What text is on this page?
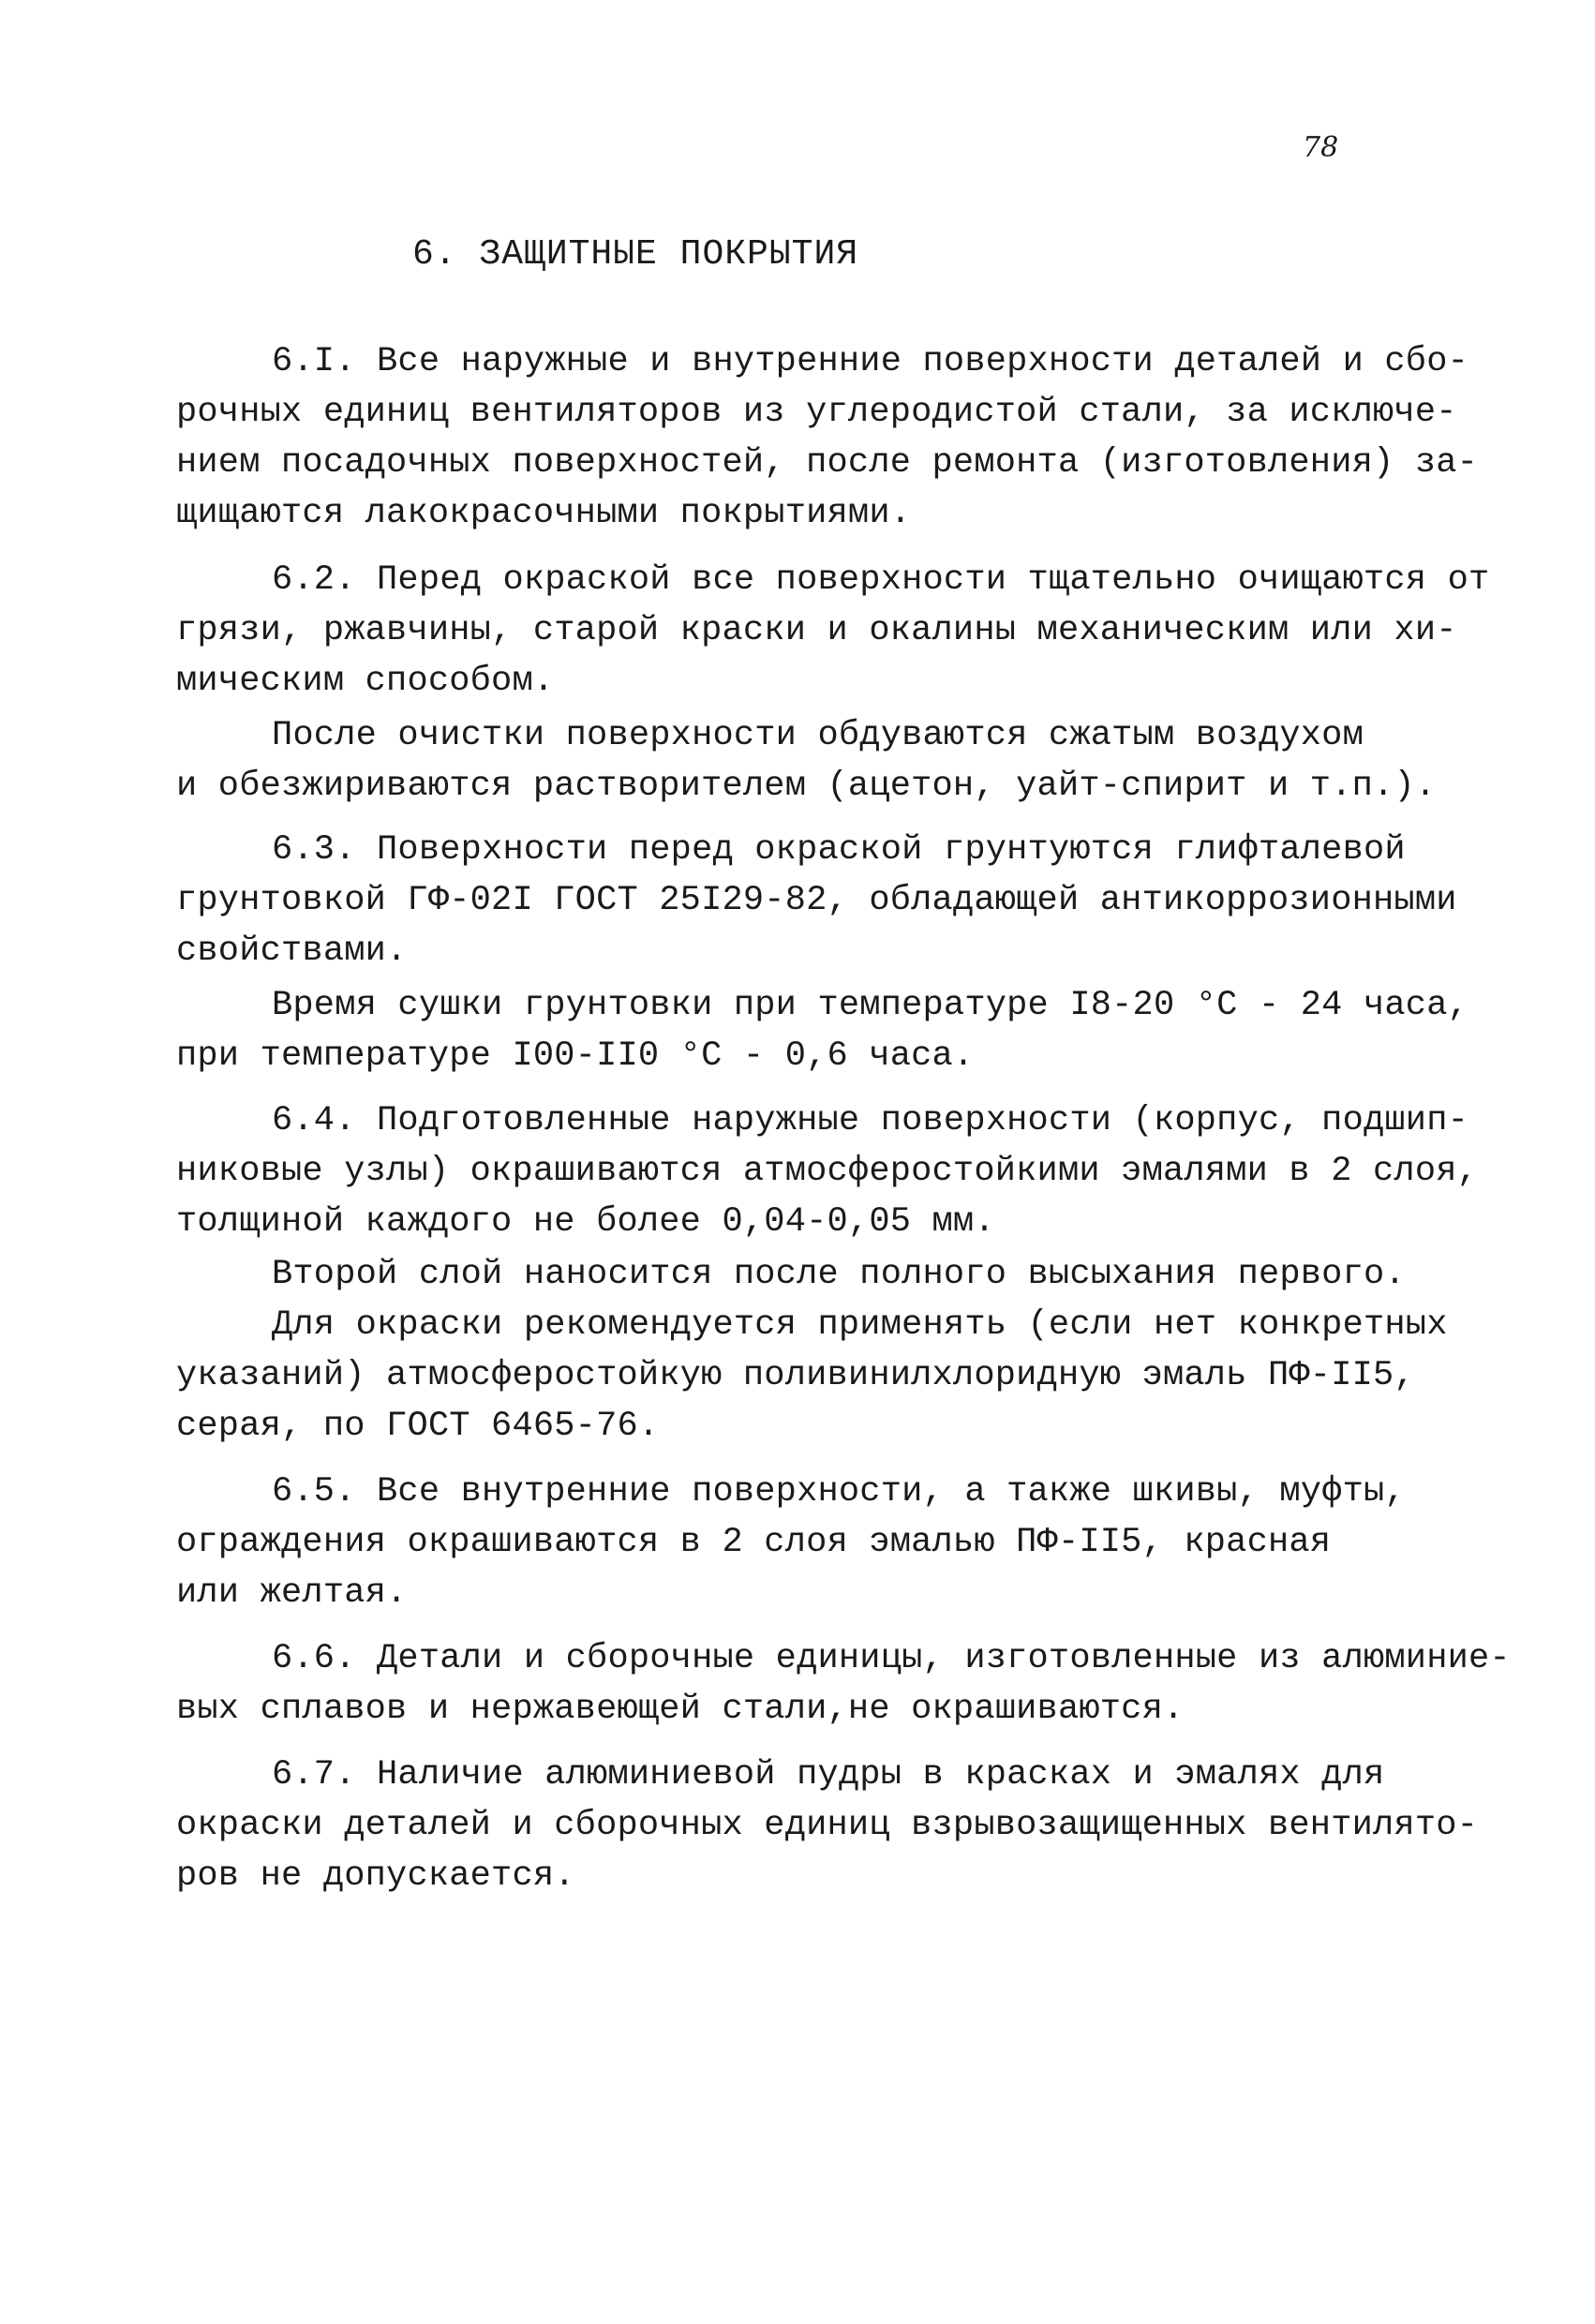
78
6. ЗАЩИТНЫЕ ПОКРЫТИЯ
6.I. Все наружные и внутренние поверхности деталей и сбо-
рочных единиц вентиляторов из углеродистой стали, за исключе-
нием посадочных поверхностей, после ремонта (изготовления) за-
щищаются лакокрасочными покрытиями.
6.2. Перед окраской все поверхности тщательно очищаются от
грязи, ржавчины, старой краски и окалины механическим или хи-
мическим способом.
После очистки поверхности обдуваются сжатым воздухом
и обезжириваются растворителем (ацетон, уайт-спирит и т.п.).
6.3. Поверхности перед окраской грунтуются глифталевой
грунтовкой ГФ-02I ГОСТ 25I29-82, обладающей антикоррозионными
свойствами.
Время сушки грунтовки при температуре I8-20 °С - 24 часа,
при температуре I00-II0 °С - 0,6 часа.
6.4. Подготовленные наружные поверхности (корпус, подшип-
никовые узлы) окрашиваются атмосферостойкими эмалями в 2 слоя,
толщиной каждого не более 0,04-0,05 мм.
Второй слой наносится после полного высыхания первого.
Для окраски рекомендуется применять (если нет конкретных
указаний) атмосферостойкую поливинилхлоридную эмаль ПФ-II5,
серая, по ГОСТ 6465-76.
6.5. Все внутренние поверхности, а также шкивы, муфты,
ограждения окрашиваются в 2 слоя эмалью ПФ-II5, красная
или желтая.
6.6. Детали и сборочные единицы, изготовленные из алюминие-
вых сплавов и нержавеющей стали,не окрашиваются.
6.7. Наличие алюминиевой пудры в красках и эмалях для
окраски деталей и сборочных единиц взрывозащищенных вентилято-
ров не допускается.
